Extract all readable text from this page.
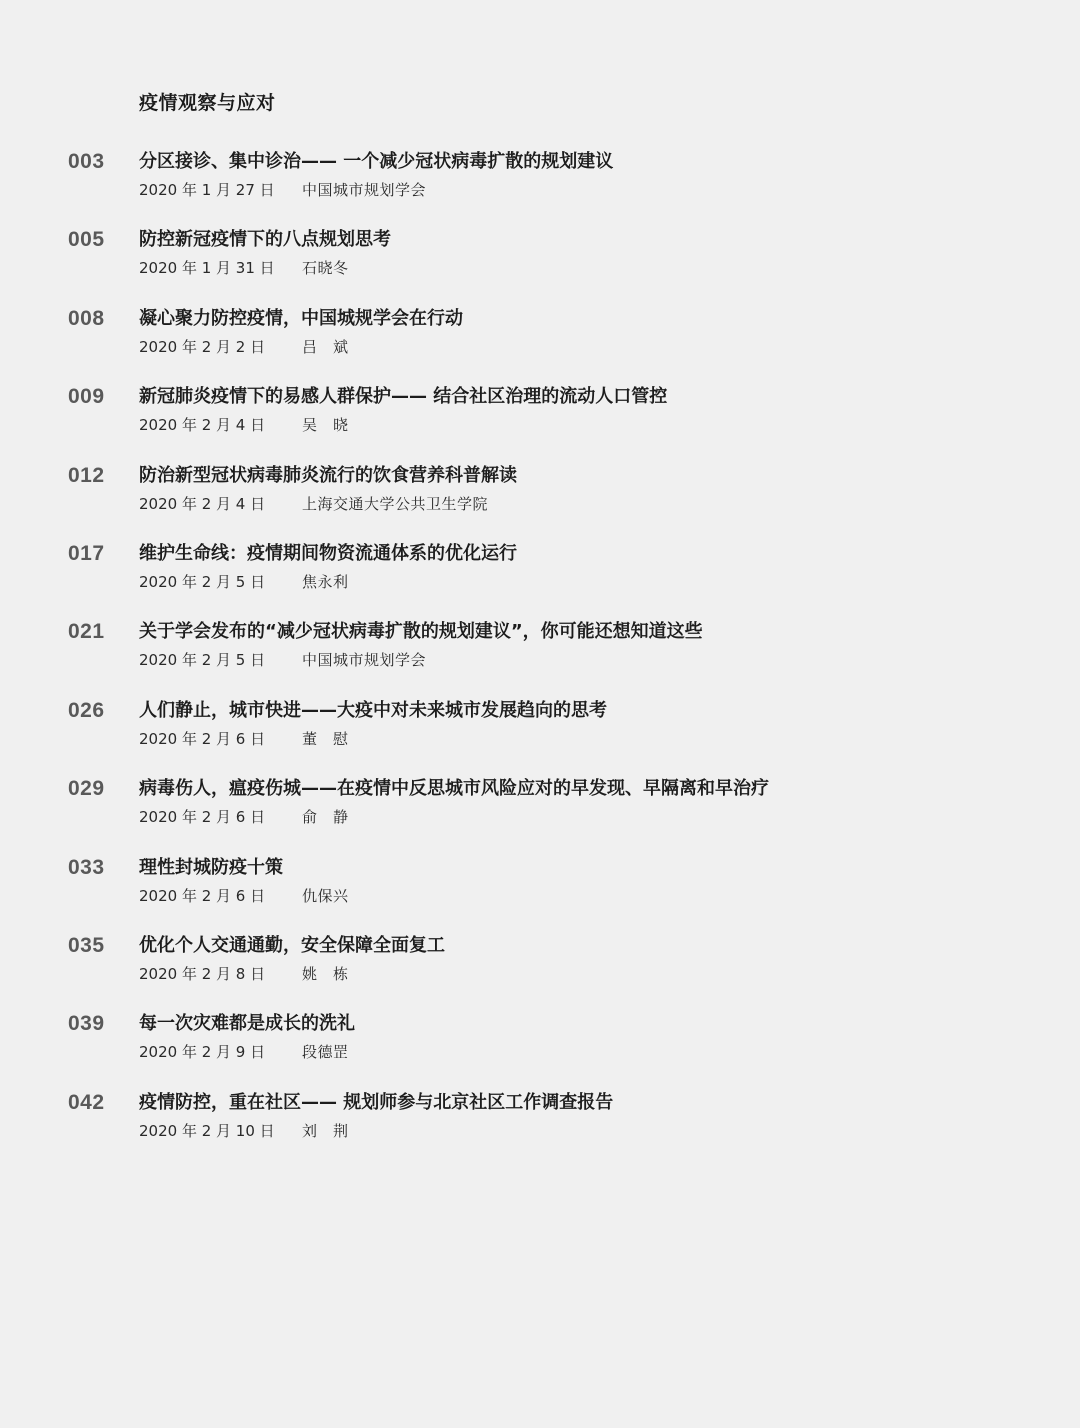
疫情观察与应对
003 分区接诊、集中诊治—— 一个减少冠状病毒扩散的规划建议
2020 年 1 月 27 日 中国城市规划学会
005 防控新冠疫情下的八点规划思考
2020 年 1 月 31 日 石晓冬
008 凝心聚力防控疫情，中国城规学会在行动
2020 年 2 月 2 日 吕　斌
009 新冠肺炎疫情下的易感人群保护—— 结合社区治理的流动人口管控
2020 年 2 月 4 日 吴　晓
012 防治新型冠状病毒肺炎流行的饮食营养科普解读
2020 年 2 月 4 日 上海交通大学公共卫生学院
017 维护生命线：疫情期间物资流通体系的优化运行
2020 年 2 月 5 日 焦永利
021 关于学会发布的“减少冠状病毒扩散的规划建议”，你可能还想知道这些
2020 年 2 月 5 日 中国城市规划学会
026 人们静止，城市快进——大疫中对未来城市发展趋向的思考
2020 年 2 月 6 日 董　慰
029 病毒伤人，瘟疫伤城——在疫情中反思城市风险应对的早发现、早隔离和早治疗
2020 年 2 月 6 日 俞　静
033 理性封城防疫十策
2020 年 2 月 6 日 仇保兴
035 优化个人交通通勤，安全保障全面复工
2020 年 2 月 8 日 姚　栋
039 每一次灾难都是成长的洗礼
2020 年 2 月 9 日 段德罡
042 疫情防控，重在社区—— 规划师参与北京社区工作调查报告
2020 年 2 月 10 日 刘　荆
